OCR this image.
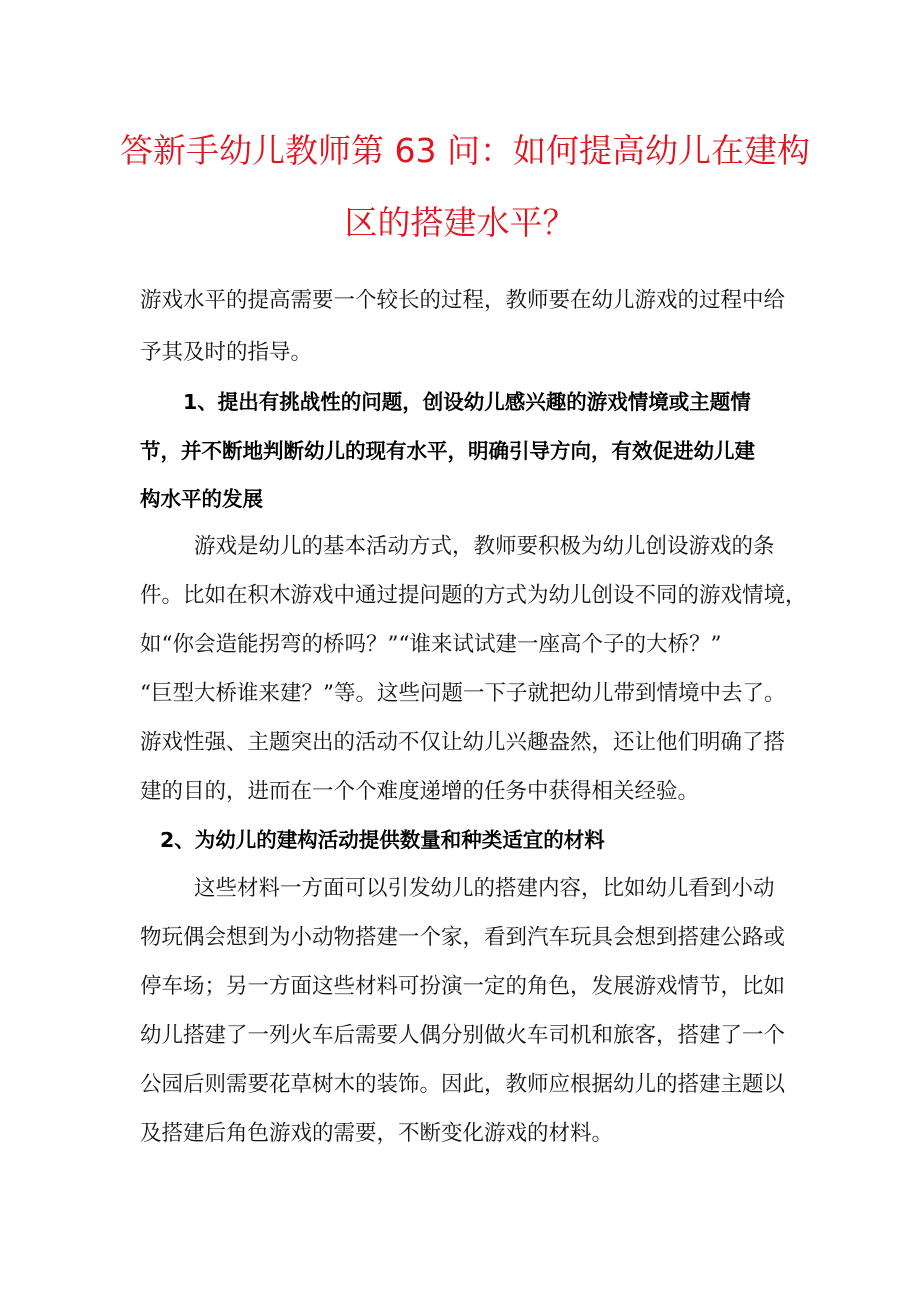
答新手幼儿教师第 63 问：如何提高幼儿在建构
区的搭建水平？
游戏水平的提高需要一个较长的过程，教师要在幼儿游戏的过程中给
予其及时的指导。
1、提出有挑战性的问题，创设幼儿感兴趣的游戏情境或主题情
节，并不断地判断幼儿的现有水平，明确引导方向，有效促进幼儿建
构水平的发展
游戏是幼儿的基本活动方式，教师要积极为幼儿创设游戏的条
件。比如在积木游戏中通过提问题的方式为幼儿创设不同的游戏情境，
如“你会造能拐弯的桥吗？”“谁来试试建一座高个子的大桥？”
“巨型大桥谁来建？”等。这些问题一下子就把幼儿带到情境中去了。
游戏性强、主题突出的活动不仅让幼儿兴趣盎然，还让他们明确了搭
建的目的，进而在一个个难度递增的任务中获得相关经验。
2、为幼儿的建构活动提供数量和种类适宜的材料
这些材料一方面可以引发幼儿的搭建内容，比如幼儿看到小动
物玩偶会想到为小动物搭建一个家，看到汽车玩具会想到搭建公路或
停车场；另一方面这些材料可扮演一定的角色，发展游戏情节，比如
幼儿搭建了一列火车后需要人偶分别做火车司机和旅客，搭建了一个
公园后则需要花草树木的装饰。因此，教师应根据幼儿的搭建主题以
及搭建后角色游戏的需要，不断变化游戏的材料。
